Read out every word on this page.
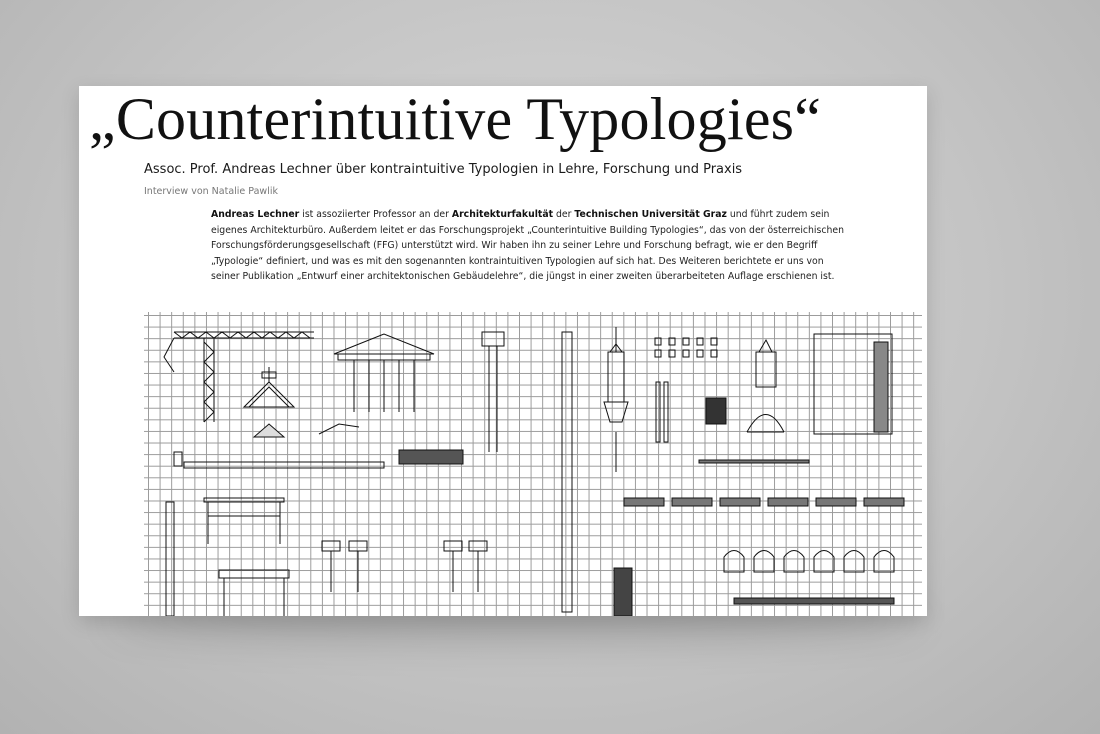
„Counterintuitive Typologies“

Assoc. Prof. Andreas Lechner über kontraintuitive Typologien in Lehre, Forschung und Praxis

Interview von Natalie Pawlik

Andreas Lechner ist assoziierter Professor an der Architekturfakultät der Technischen Universität Graz und führt zudem sein eigenes Architekturbüro. Außerdem leitet er das Forschungsprojekt „Counterintuitive Building Typologies“, das von der österreichischen Forschungsförderungsgesellschaft (FFG) unterstützt wird. Wir haben ihn zu seiner Lehre und Forschung befragt, wie er den Begriff „Typologie“ definiert, und was es mit den sogenannten kontraintuitiven Typologien auf sich hat. Des Weiteren berichtete er uns von seiner Publikation „Entwurf einer architektonischen Gebäudelehre“, die jüngst in einer zweiten überarbeiteten Auflage erschienen ist.
